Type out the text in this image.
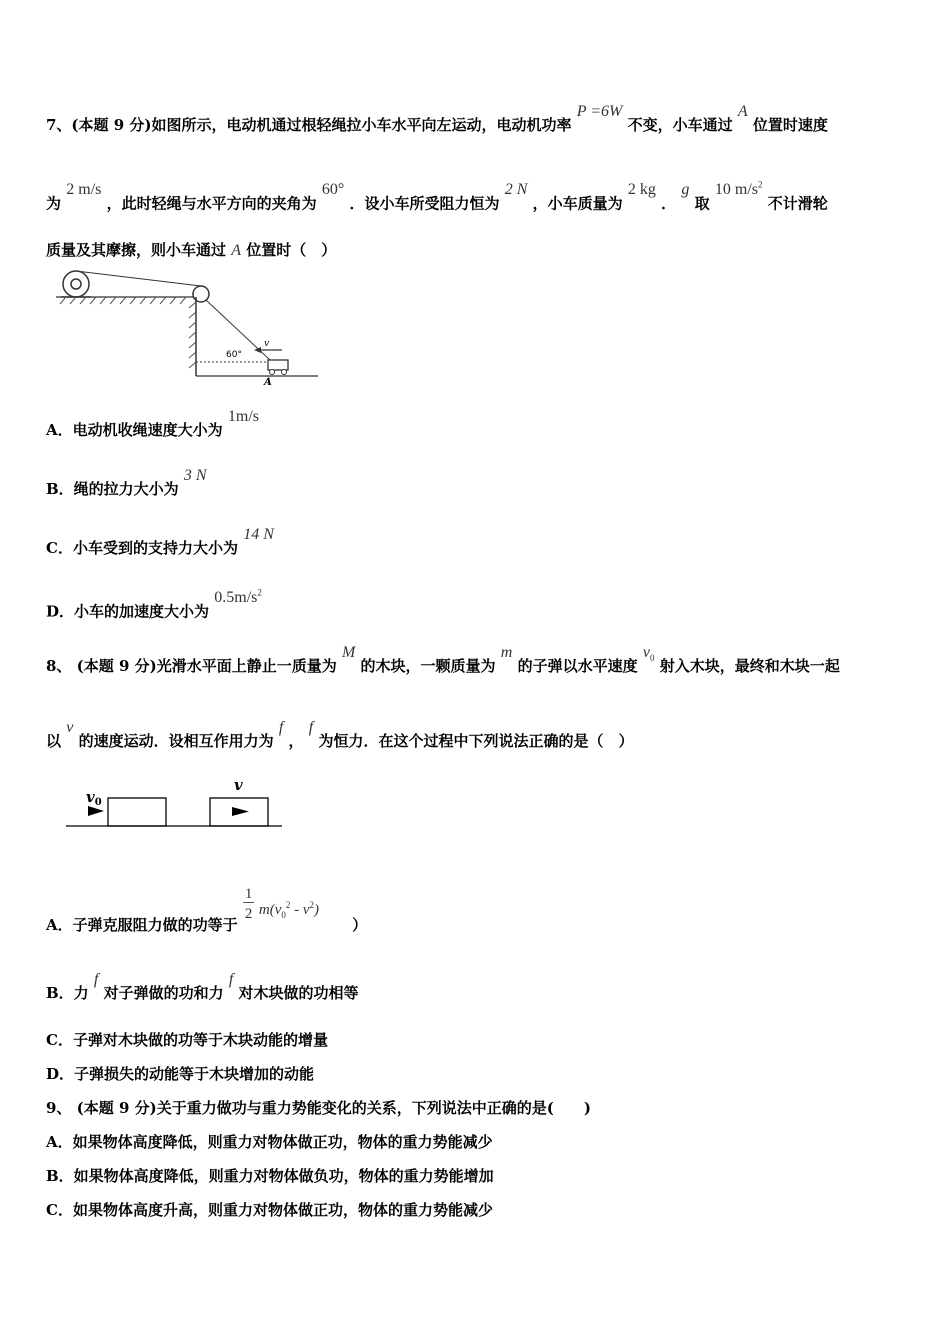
7、(本题 9 分)如图所示，电动机通过根轻绳拉小车水平向左运动，电动机功率 P =6W 不变，小车通过 A 位置时速度
为 2 m/s ，此时轻绳与水平方向的夹角为 60° ．设小车所受阻力恒为 2 N ，小车质量为 2 kg ． g 取 10 $m/s^2$ 不计滑轮
质量及其摩擦，则小车通过 A 位置时（　）
v
60°
A
A．电动机收绳速度大小为 1m/s
B．绳的拉力大小为 3 N
C．小车受到的支持力大小为 14 N
D．小车的加速度大小为 $0.5m/s^2$
8、 (本题 9 分)光滑水平面上静止一质量为 M 的木块，一颗质量为 m 的子弹以水平速度 $v_0$ 射入木块，最终和木块一起
以 v 的速度运动．设相互作用力为 f ， f 为恒力．在这个过程中下列说法正确的是（　）
$v_0$
v
A．子弹克服阻力做的功等于
1
2 $m(v_0^2 - v^2)$
）
B．力 f 对子弹做的功和力 f 对木块做的功相等
C．子弹对木块做的功等于木块动能的增量
D．子弹损失的动能等于木块增加的动能
9、 (本题 9 分)关于重力做功与重力势能变化的关系，下列说法中正确的是(　　)
A．如果物体高度降低，则重力对物体做正功，物体的重力势能减少
B．如果物体高度降低，则重力对物体做负功，物体的重力势能增加
C．如果物体高度升高，则重力对物体做正功，物体的重力势能减少
